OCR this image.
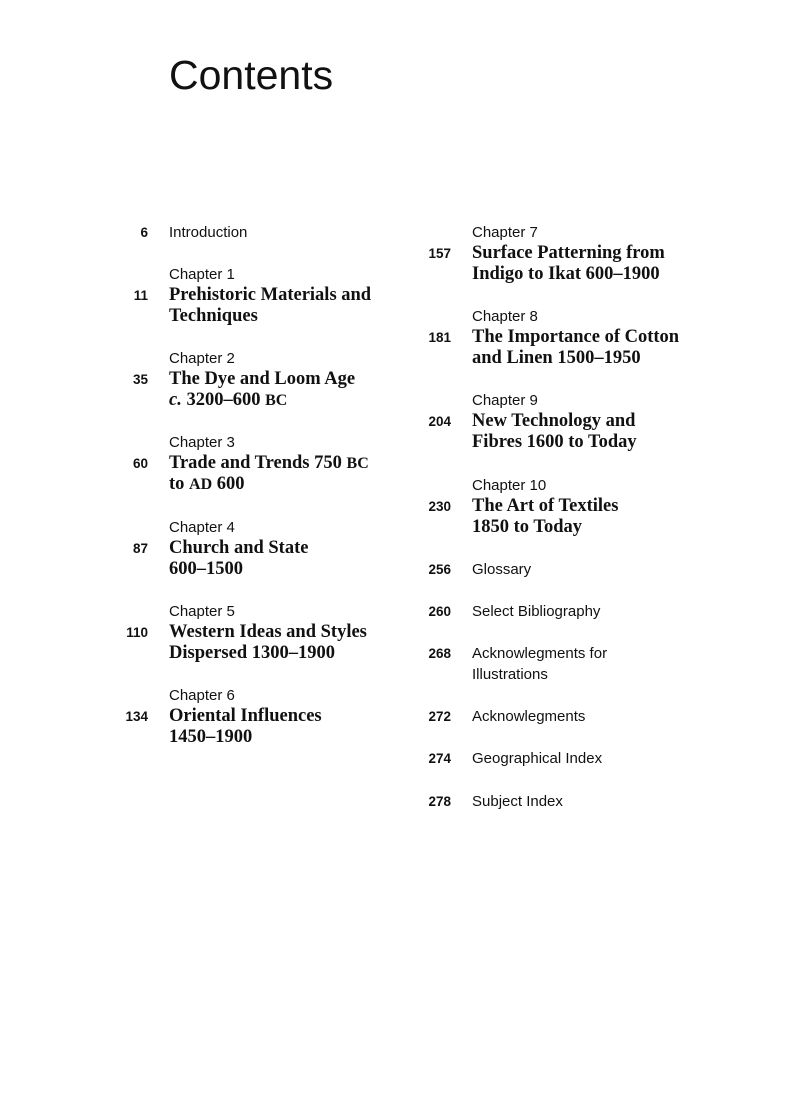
Contents
6 Introduction
11
Chapter 1
Prehistoric Materials and
Techniques
35
Chapter 2
The Dye and Loom Age
c. 3200–600 BC
60
Chapter 3
Trade and Trends 750 BC
to AD 600
87
Chapter 4
Church and State
600–1500
110
Chapter 5
Western Ideas and Styles
Dispersed 1300–1900
134
Chapter 6
Oriental Influences
1450–1900
157
Chapter 7
Surface Patterning from
Indigo to Ikat 600–1900
181
Chapter 8
The Importance of Cotton
and Linen 1500–1950
204
Chapter 9
New Technology and
Fibres 1600 to Today
230
Chapter 10
The Art of Textiles
1850 to Today
256 Glossary
260 Select Bibliography
268 Acknowlegments for
Illustrations
272 Acknowlegments
274 Geographical Index
278 Subject Index
